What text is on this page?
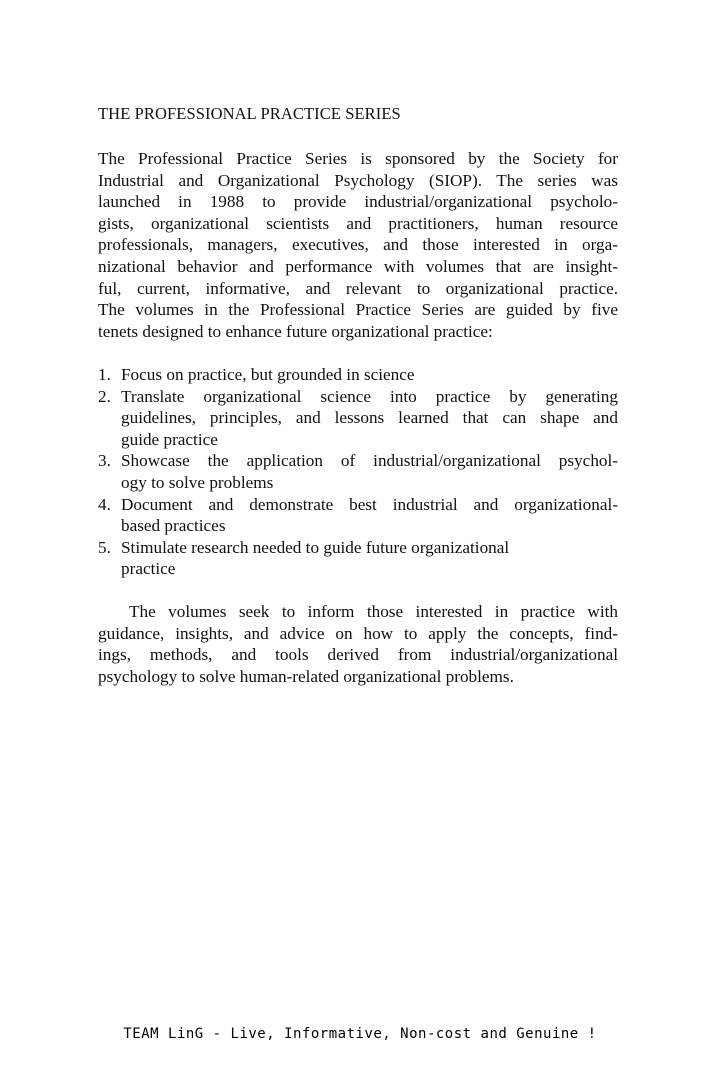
THE PROFESSIONAL PRACTICE SERIES
The Professional Practice Series is sponsored by the Society for
Industrial and Organizational Psychology (SIOP). The series was
launched in 1988 to provide industrial/organizational psycholo-
gists, organizational scientists and practitioners, human resource
professionals, managers, executives, and those interested in orga-
nizational behavior and performance with volumes that are insight-
ful, current, informative, and relevant to organizational practice.
The volumes in the Professional Practice Series are guided by five
tenets designed to enhance future organizational practice:
1. Focus on practice, but grounded in science
2. Translate organizational science into practice by generating
guidelines, principles, and lessons learned that can shape and
guide practice
3. Showcase the application of industrial/organizational psychol-
ogy to solve problems
4. Document and demonstrate best industrial and organizational-
based practices
5. Stimulate research needed to guide future organizational
practice
The volumes seek to inform those interested in practice with
guidance, insights, and advice on how to apply the concepts, find-
ings, methods, and tools derived from industrial/organizational
psychology to solve human-related organizational problems.
TEAM LinG - Live, Informative, Non-cost and Genuine !
